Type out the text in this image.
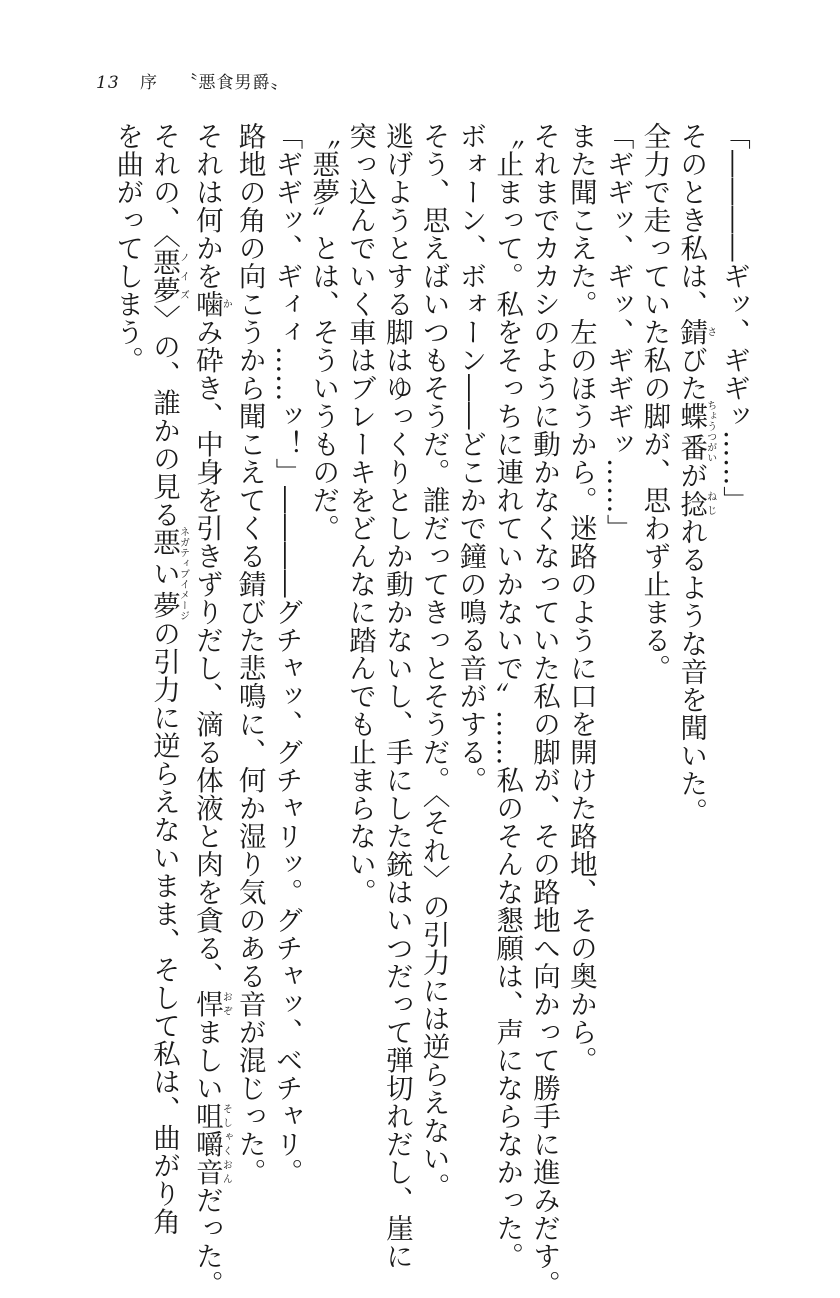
13 序 〝悪食男爵〟
「――――ギッ、ギギッ……」
そのとき私は、錆さびた蝶番ちょうつがいが捻ねじれるような音を聞いた。
全力で走っていた私の脚が、思わず止まる。
「ギギッ、ギッ、ギギギッ……」
また聞こえた。左のほうから。迷路のように口を開けた路地、その奥から。
それまでカカシのように動かなくなっていた私の脚が、その路地へ向かって勝手に進みだす。
〝止まって。私をそっちに連れていかないで〟……私のそんな懇願は、声にならなかった。
ボォーン、ボォーン――どこかで鐘の鳴る音がする。
そう、思えばいつもそうだ。誰だってきっとそうだ。〈それ〉の引力には逆らえない。
逃げようとする脚はゆっくりとしか動かないし、手にした銃はいつだって弾切れだし、崖に
突っ込んでいく車はブレーキをどんなに踏んでも止まらない。
〝悪夢〟とは、そういうものだ。
「ギギッ、ギィィ……ッ！」――――グチャッ、グチャリッ。グチャッ、ベチャリ。
路地の角の向こうから聞こえてくる錆びた悲鳴に、何か湿り気のある音が混じった。
それは何かを噛かみ砕き、中身を引きずりだし、滴る体液と肉を貪る、悍おぞましい咀嚼音そしゃくおんだった。
それの、〈悪夢ノイズ〉の、誰かの見る悪い夢ネガティブイメージの引力に逆らえないまま、そして私は、曲がり角
を曲がってしまう。
